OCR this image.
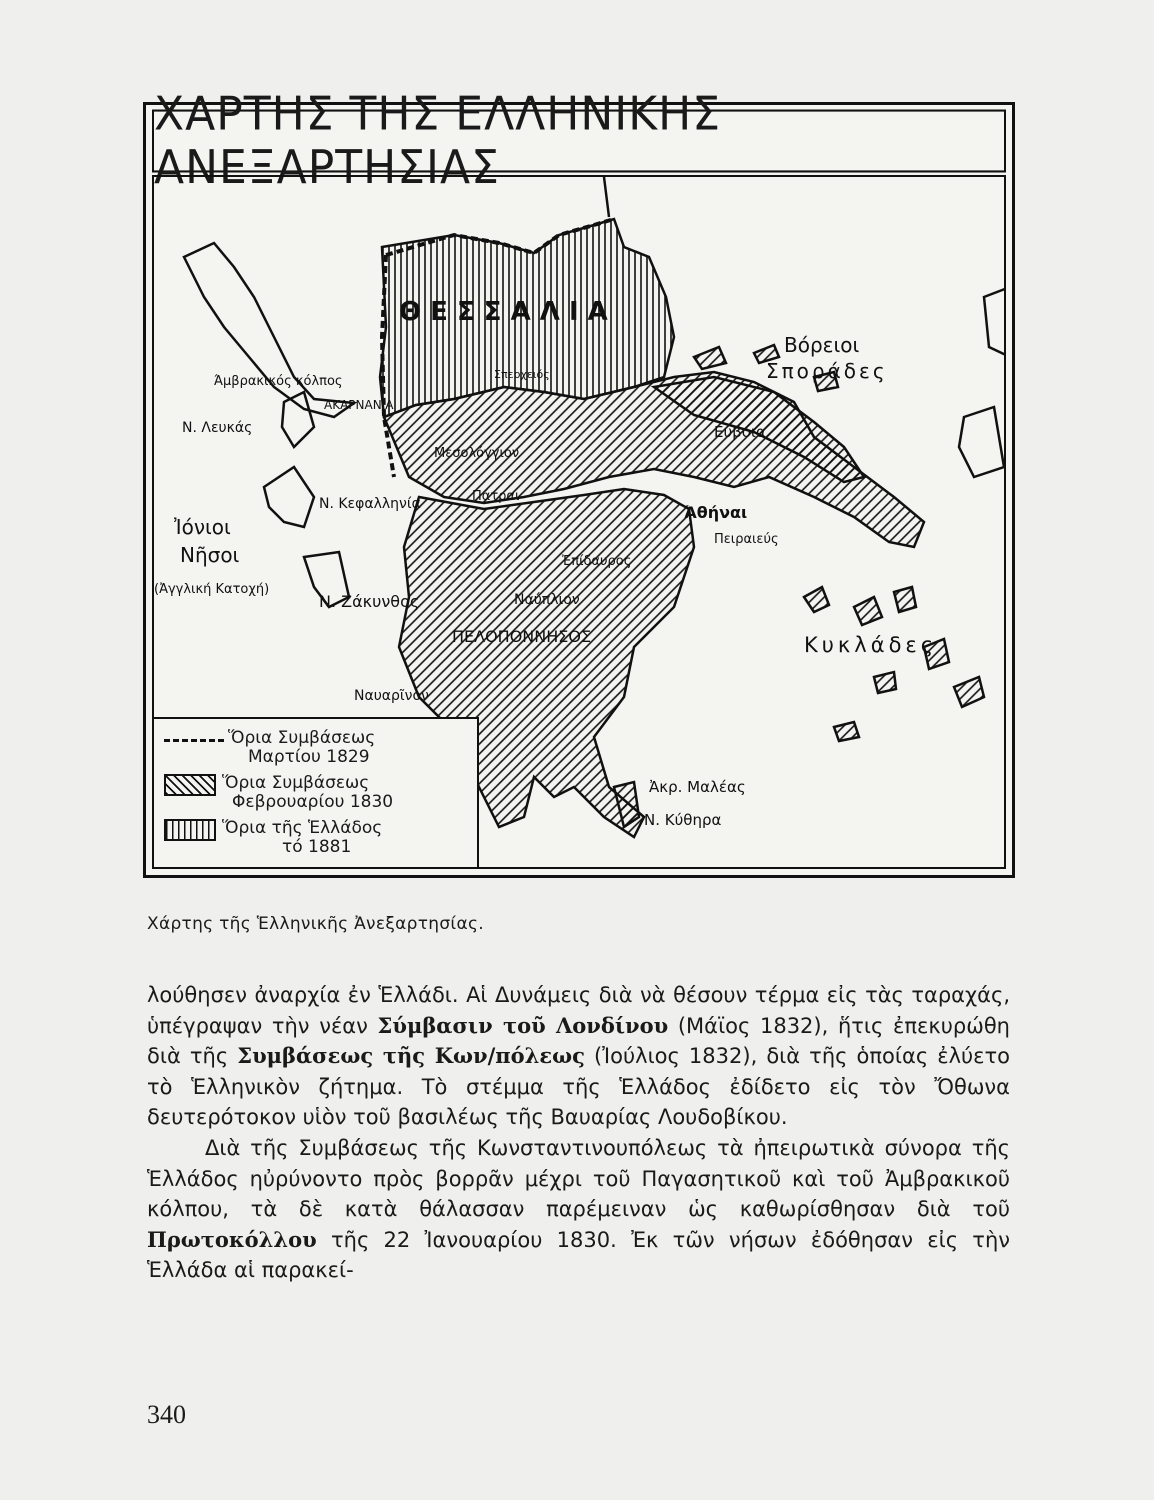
ΧΑΡΤΗΣ ΤΗΣ ΕΛΛΗΝΙΚΗΣ ΑΝΕΞΑΡΤΗΣΙΑΣ
Θ Ε Σ Σ Α Λ Ι Α
Βόρειοι
Σποράδες
Άμβρακικός κόλπος
ΑΚΑΡΝΑΝΙΑ
Ν. Λευκάς	Εύβοια
Μεσολόγγιον
Ν. Κεφαλληνία	Πάτραι
Άθήναι
Πειραιεύς
Ἰόνιοι
Νῆσοι
(Ἀγγλική Κατοχή)
Ἐπίδαυρος
Ν. Ζάκυνθος	Ναύπλιον
ΠΕΛΟΠΟΝΝΗΣΟΣ	Κυκλάδες
Ναυαρῖνον
Ἀκρ. Μαλέας
Ν. Κύθηρα
Σπερχειός
Ὅρια Συμβάσεως
Μαρτίου 1829
Ὅρια Συμβάσεως
Φεβρουαρίου 1830
Ὅρια τῆς Ἑλλάδος
τό 1881
Χάρτης τῆς Ἑλληνικῆς Ἀνεξαρτησίας.

λούθησεν ἀναρχία ἐν Ἑλλάδι. Αἱ Δυνάμεις διὰ νὰ θέσουν τέρμα εἰς τὰς ταραχάς, ὑπέγραψαν τὴν νέαν Σύμβασιν τοῦ Λονδίνου (Μάϊος 1832), ἥτις ἐπεκυρώθη διὰ τῆς Συμβάσεως τῆς Κων/πόλεως (Ἰούλιος 1832), διὰ τῆς ὁποίας ἐλύετο τὸ Ἑλληνικὸν ζήτημα. Τὸ στέμμα τῆς Ἑλλάδος ἐδίδετο εἰς τὸν Ὄθωνα δευτερότοκον υἱὸν τοῦ βασιλέως τῆς Βαυαρίας Λουδοβίκου.

Διὰ τῆς Συμβάσεως τῆς Κωνσταντινουπόλεως τὰ ἠπειρωτικὰ σύνορα τῆς Ἑλλάδος ηὐρύνοντο πρὸς βορρᾶν μέχρι τοῦ Παγασητικοῦ καὶ τοῦ Ἀμβρακικοῦ κόλπου, τὰ δὲ κατὰ θάλασσαν παρέμειναν ὡς καθωρίσθησαν διὰ τοῦ Πρωτοκόλλου τῆς 22 Ἰανουαρίου 1830. Ἐκ τῶν νήσων ἐδόθησαν εἰς τὴν Ἑλλάδα αἱ παρακεί-

340
